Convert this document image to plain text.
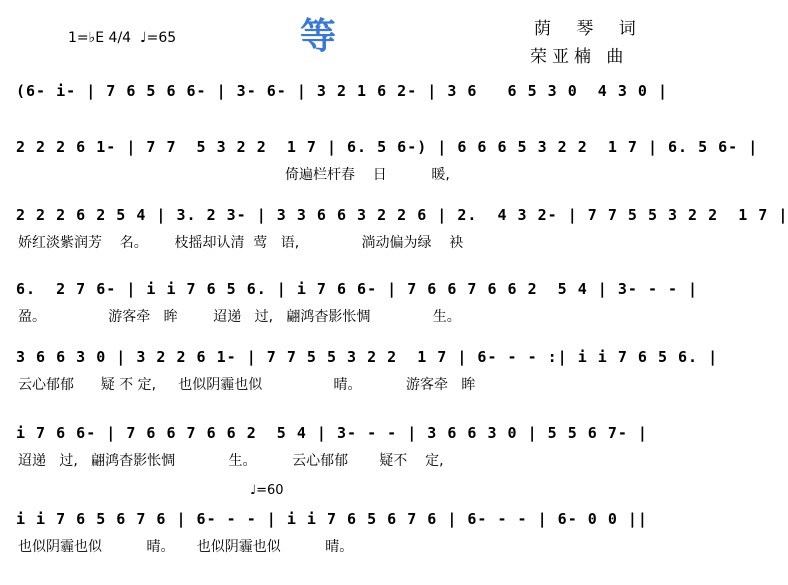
等
1=♭E 4/4 ♩=65	荫 琴 词
荣亚楠 曲
♩=60
(6- i- | 7 6 5 6 6- | 3- 6- | 3 2 1 6 2- | 3 6   6 5 3 0  4 3 0 |
2 2 2 6 1- | 7 7  5 3 2 2  1 7 | 6. 5 6-) | 6 6 6 5 3 2 2  1 7 | 6. 5 6- |
倚遍栏杆春    日          暖,
2 2 2 6 2 5 4 | 3. 2 3- | 3 3 6 6 3 2 2 6 | 2.  4 3 2- | 7 7 5 5 3 2 2  1 7 |
娇红淡紫润芳    名。      枝摇却认清  莺   语,              淌动偏为绿    袂
6.  2 7 6- | i i 7 6 5 6. | i 7 6 6- | 7 6 6 7 6 6 2  5 4 | 3- - - |
盈。              游客牵   眸        迢递   过,   翩鸿杳影怅惆              生。
3 6 6 3 0 | 3 2 2 6 1- | 7 7 5 5 3 2 2  1 7 | 6- - - :| i i 7 6 5 6. |
云心郁郁      疑 不 定,     也似阴霾也似                晴。          游客牵   眸
i 7 6 6- | 7 6 6 7 6 6 2  5 4 | 3- - - | 3 6 6 3 0 | 5 5 6 7- |
迢递   过,   翩鸿杳影怅惆            生。        云心郁郁       疑不    定,
i i 7 6 5 6 7 6 | 6- - - | i i 7 6 5 6 7 6 | 6- - - | 6- 0 0 ||
也似阴霾也似          晴。     也似阴霾也似          晴。
